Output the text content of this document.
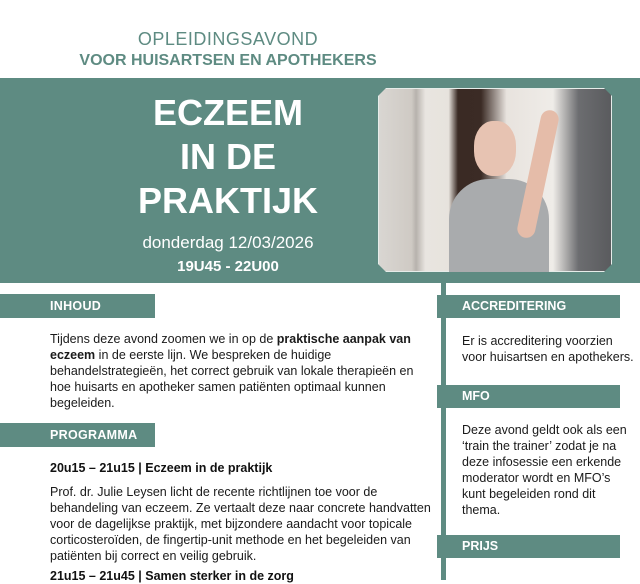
OPLEIDINGSAVOND
VOOR HUISARTSEN EN APOTHEKERS
ECZEEM
IN DE
PRAKTIJK
donderdag 12/03/2026
19U45 - 22U00
INHOUD
Tijdens deze avond zoomen we in op de praktische aanpak van eczeem in de eerste lijn. We bespreken de huidige behandelstrategieën, het correct gebruik van lokale therapieën en hoe huisarts en apotheker samen patiënten optimaal kunnen begeleiden.
PROGRAMMA
20u15 – 21u15 | Eczeem in de praktijk
Prof. dr. Julie Leysen licht de recente richtlijnen toe voor de behandeling van eczeem. Ze vertaalt deze naar concrete handvatten voor de dagelijkse praktijk, met bijzondere aandacht voor topicale corticosteroïden, de fingertip-unit methode en het begeleiden van patiënten bij correct en veilig gebruik.
21u15 – 21u45 | Samen sterker in de zorg
ACCREDITERING
Er is accreditering voorzien voor huisartsen en apothekers.
MFO
Deze avond geldt ook als een ‘train the trainer’ zodat je na deze infosessie een erkende moderator wordt en MFO’s kunt begeleiden rond dit thema.
PRIJS
